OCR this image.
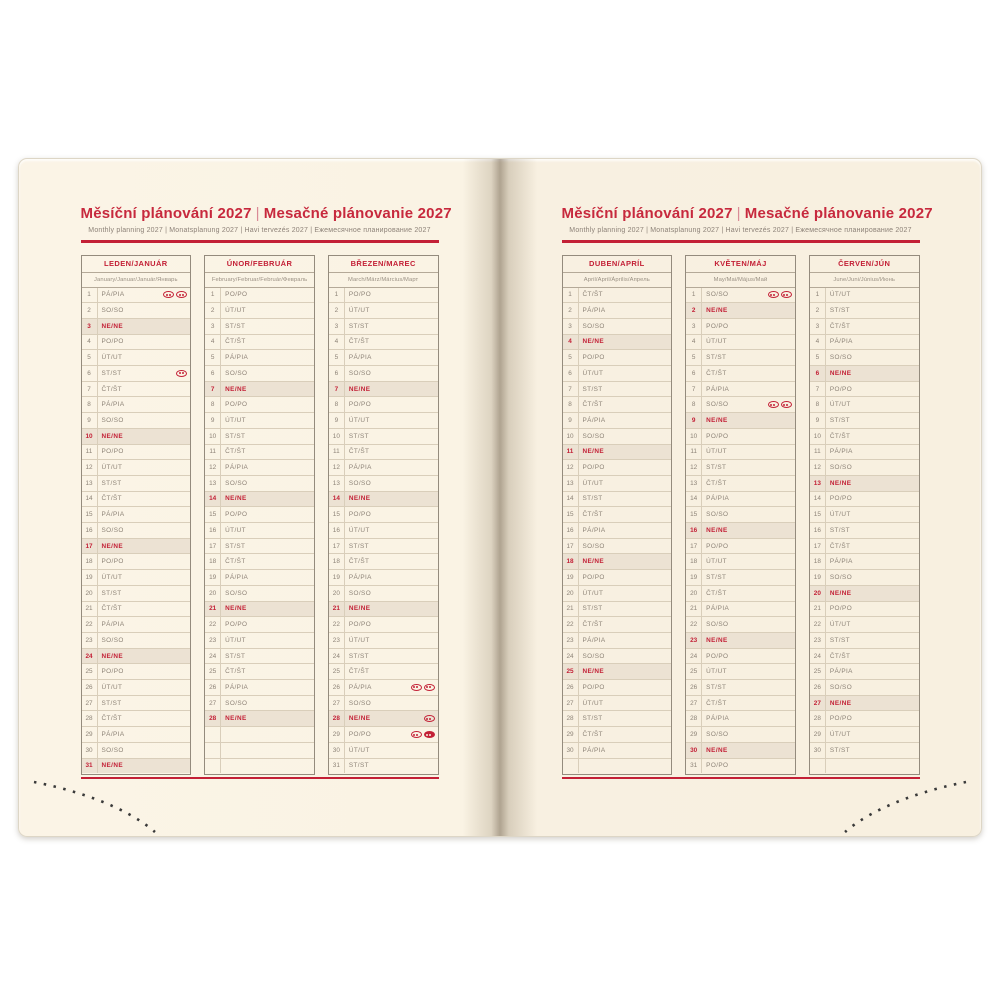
Měsíční plánování 2027 | Mesačné plánovanie 2027
Monthly planning 2027 | Monatsplanung 2027 | Havi tervezés 2027 | Ежемесячное планирование 2027
LEDEN/JANUÁR
January/Januar/Január/Январь
1	PÁ/PIA
2	SO/SO
3	NE/NE
4	PO/PO
5	ÚT/UT
6	ST/ST
7	ČT/ŠT
8	PÁ/PIA
9	SO/SO
10	NE/NE
11	PO/PO
12	ÚT/UT
13	ST/ST
14	ČT/ŠT
15	PÁ/PIA
16	SO/SO
17	NE/NE
18	PO/PO
19	ÚT/UT
20	ST/ST
21	ČT/ŠT
22	PÁ/PIA
23	SO/SO
24	NE/NE
25	PO/PO
26	ÚT/UT
27	ST/ST
28	ČT/ŠT
29	PÁ/PIA
30	SO/SO
31	NE/NE
ÚNOR/FEBRUÁR
February/Februar/Február/Февраль
1	PO/PO
2	ÚT/UT
3	ST/ST
4	ČT/ŠT
5	PÁ/PIA
6	SO/SO
7	NE/NE
8	PO/PO
9	ÚT/UT
10	ST/ST
11	ČT/ŠT
12	PÁ/PIA
13	SO/SO
14	NE/NE
15	PO/PO
16	ÚT/UT
17	ST/ST
18	ČT/ŠT
19	PÁ/PIA
20	SO/SO
21	NE/NE
22	PO/PO
23	ÚT/UT
24	ST/ST
25	ČT/ŠT
26	PÁ/PIA
27	SO/SO
28	NE/NE
BŘEZEN/MAREC
March/März/Március/Март
1	PO/PO
2	ÚT/UT
3	ST/ST
4	ČT/ŠT
5	PÁ/PIA
6	SO/SO
7	NE/NE
8	PO/PO
9	ÚT/UT
10	ST/ST
11	ČT/ŠT
12	PÁ/PIA
13	SO/SO
14	NE/NE
15	PO/PO
16	ÚT/UT
17	ST/ST
18	ČT/ŠT
19	PÁ/PIA
20	SO/SO
21	NE/NE
22	PO/PO
23	ÚT/UT
24	ST/ST
25	ČT/ŠT
26	PÁ/PIA
27	SO/SO
28	NE/NE
29	PO/PO
30	ÚT/UT
31	ST/ST
Měsíční plánování 2027 | Mesačné plánovanie 2027
Monthly planning 2027 | Monatsplanung 2027 | Havi tervezés 2027 | Ежемесячное планирование 2027
DUBEN/APRÍL
April/April/Április/Апрель
1	ČT/ŠT
2	PÁ/PIA
3	SO/SO
4	NE/NE
5	PO/PO
6	ÚT/UT
7	ST/ST
8	ČT/ŠT
9	PÁ/PIA
10	SO/SO
11	NE/NE
12	PO/PO
13	ÚT/UT
14	ST/ST
15	ČT/ŠT
16	PÁ/PIA
17	SO/SO
18	NE/NE
19	PO/PO
20	ÚT/UT
21	ST/ST
22	ČT/ŠT
23	PÁ/PIA
24	SO/SO
25	NE/NE
26	PO/PO
27	ÚT/UT
28	ST/ST
29	ČT/ŠT
30	PÁ/PIA
KVĚTEN/MÁJ
May/Mai/Május/Май
1	SO/SO
2	NE/NE
3	PO/PO
4	ÚT/UT
5	ST/ST
6	ČT/ŠT
7	PÁ/PIA
8	SO/SO
9	NE/NE
10	PO/PO
11	ÚT/UT
12	ST/ST
13	ČT/ŠT
14	PÁ/PIA
15	SO/SO
16	NE/NE
17	PO/PO
18	ÚT/UT
19	ST/ST
20	ČT/ŠT
21	PÁ/PIA
22	SO/SO
23	NE/NE
24	PO/PO
25	ÚT/UT
26	ST/ST
27	ČT/ŠT
28	PÁ/PIA
29	SO/SO
30	NE/NE
31	PO/PO
ČERVEN/JÚN
June/Juni/Június/Июнь
1	ÚT/UT
2	ST/ST
3	ČT/ŠT
4	PÁ/PIA
5	SO/SO
6	NE/NE
7	PO/PO
8	ÚT/UT
9	ST/ST
10	ČT/ŠT
11	PÁ/PIA
12	SO/SO
13	NE/NE
14	PO/PO
15	ÚT/UT
16	ST/ST
17	ČT/ŠT
18	PÁ/PIA
19	SO/SO
20	NE/NE
21	PO/PO
22	ÚT/UT
23	ST/ST
24	ČT/ŠT
25	PÁ/PIA
26	SO/SO
27	NE/NE
28	PO/PO
29	ÚT/UT
30	ST/ST
